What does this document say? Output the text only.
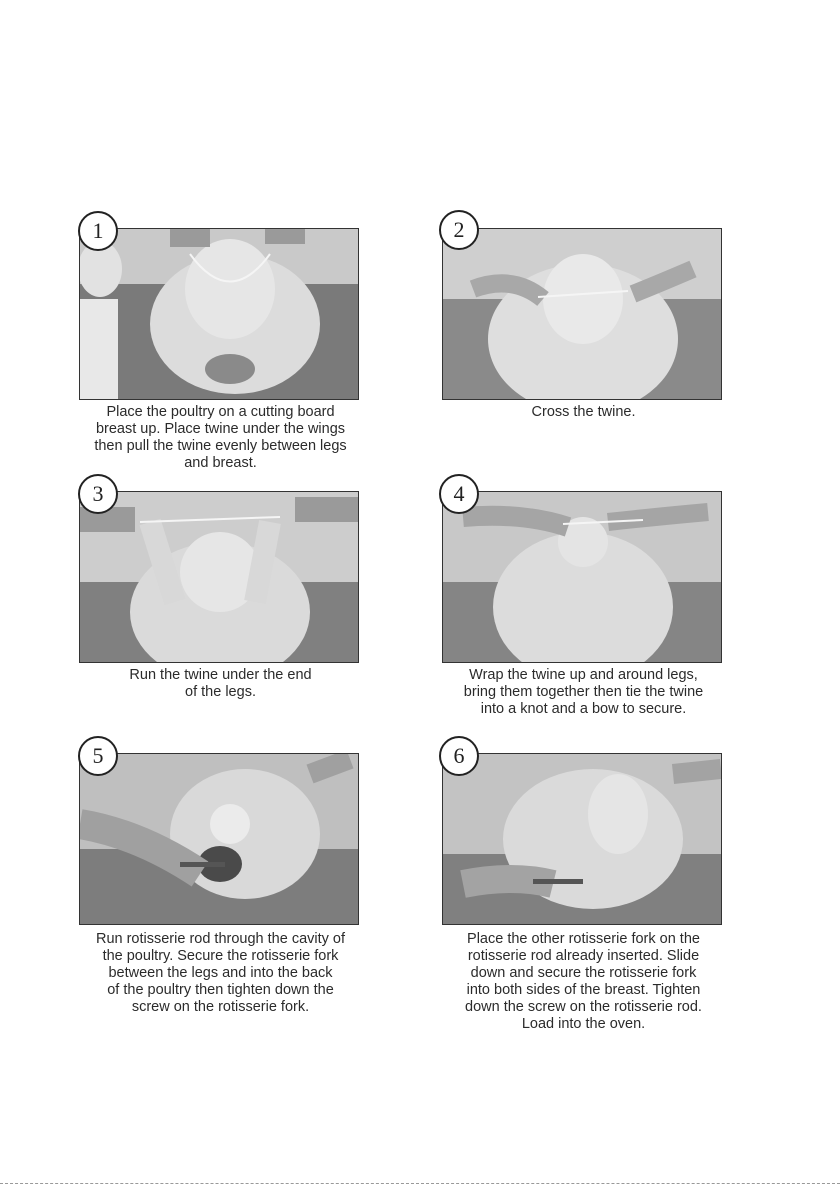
1
Place the poultry on a cutting board
breast up. Place twine under the wings
then pull the twine evenly between legs
and breast.
2
Cross the twine.
3
Run the twine under the end
of the legs.
4
Wrap the twine up and around legs,
bring them together then tie the twine
into a knot and a bow to secure.
5
Run rotisserie rod through the cavity of
the poultry. Secure the rotisserie fork
between the legs and into the back
of the poultry then tighten down the
screw on the rotisserie fork.
6
Place the other rotisserie fork on the
rotisserie rod already inserted. Slide
down and secure the rotisserie fork
into both sides of the breast. Tighten
down the screw on the rotisserie rod.
Load into the oven.
